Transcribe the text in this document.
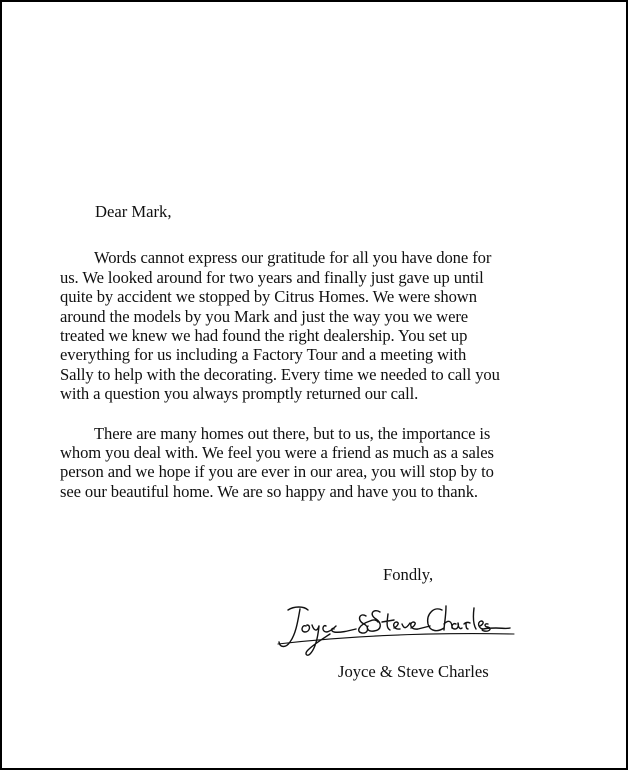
Dear Mark,
Words cannot express our gratitude for all you have done for
us. We looked around for two years and finally just gave up until
quite by accident we stopped by Citrus Homes. We were shown
around the models by you Mark and just the way you we were
treated we knew we had found the right dealership. You set up
everything for us including a Factory Tour and a meeting with
Sally to help with the decorating. Every time we needed to call you
with a question you always promptly returned our call.
There are many homes out there, but to us, the importance is
whom you deal with. We feel you were a friend as much as a sales
person and we hope if you are ever in our area, you will stop by to
see our beautiful home. We are so happy and have you to thank.
Fondly,
Joyce & Steve Charles
